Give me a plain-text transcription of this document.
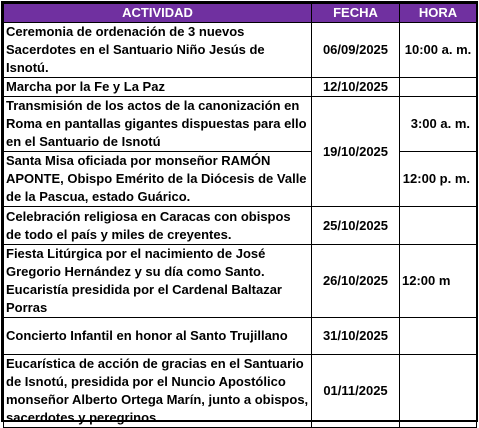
ACTIVIDAD	FECHA	HORA
Ceremonia de ordenación de 3 nuevos Sacerdotes en el Santuario Niño Jesús de Isnotú.	06/09/2025	10:00 a. m.
Marcha por la Fe y La Paz	12/10/2025	
Transmisión de los actos de la canonización en Roma en pantallas gigantes dispuestas para ello en el Santuario de Isnotú	19/10/2025	3:00 a. m.
Santa Misa oficiada por monseñor RAMÓN APONTE, Obispo Emérito de la Diócesis de Valle de la Pascua, estado Guárico.		12:00 p. m.
Celebración religiosa en Caracas con obispos de todo el país y miles de creyentes.	25/10/2025	
Fiesta Litúrgica por el nacimiento de José Gregorio Hernández y su día como Santo. Eucaristía presidida por el Cardenal Baltazar Porras	26/10/2025	12:00 m
Concierto Infantil en honor al Santo Trujillano	31/10/2025	
Eucarística de acción de gracias en el Santuario de Isnotú, presidida por el Nuncio Apostólico monseñor Alberto Ortega Marín, junto a obispos, sacerdotes y peregrinos.	01/11/2025	
